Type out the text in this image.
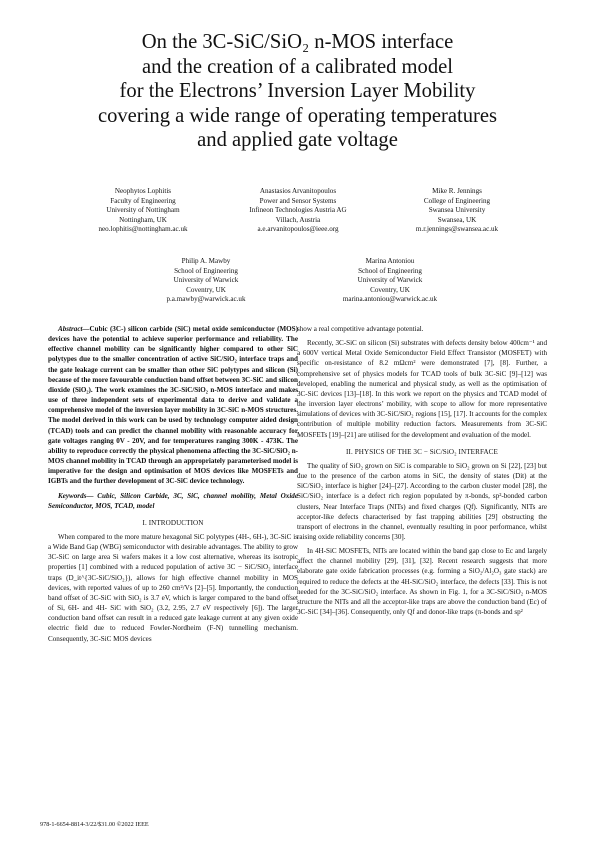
On the 3C-SiC/SiO₂ n-MOS interface
and the creation of a calibrated model
for the Electrons’ Inversion Layer Mobility
covering a wide range of operating temperatures
and applied gate voltage
Neophytos Lophitis
Faculty of Engineering
University of Nottingham
Nottingham, UK
neo.lophitis@nottingham.ac.uk
Anastasios Arvanitopoulos
Power and Sensor Systems
Infineon Technologies Austria AG
Villach, Austria
a.e.arvanitopoulos@ieee.org
Mike R. Jennings
College of Engineering
Swansea University
Swansea, UK
m.r.jennings@swansea.ac.uk
Philip A. Mawby
School of Engineering
University of Warwick
Coventry, UK
p.a.mawby@warwick.ac.uk
Marina Antoniou
School of Engineering
University of Warwick
Coventry, UK
marina.antoniou@warwick.ac.uk

Abstract—Cubic (3C-) silicon carbide (SiC) metal oxide semiconductor (MOS) devices have the potential to achieve superior performance and reliability. The effective channel mobility can be significantly higher compared to other SiC polytypes due to the smaller concentration of active SiC/SiO₂ interface traps and the gate leakage current can be smaller than other SiC polytypes and silicon (Si) because of the more favourable conduction band offset between 3C-SiC and silicon dioxide (SiO₂). The work examines the 3C-SiC/SiO₂ n-MOS interface and makes use of three independent sets of experimental data to derive and validate a comprehensive model of the inversion layer mobility in 3C-SiC n-MOS structures. The model derived in this work can be used by technology computer aided design (TCAD) tools and can predict the channel mobility with reasonable accuracy for gate voltages ranging 0V - 20V, and for temperatures ranging 300K - 473K. The ability to reproduce correctly the physical phenomena affecting the 3C-SiC/SiO₂ n-MOS channel mobility in TCAD through an appropriately parameterised model is imperative for the design and optimisation of MOS devices like MOSFETs and IGBTs and the further development of 3C-SiC device technology.

Keywords— Cubic, Silicon Carbide, 3C, SiC, channel mobility, Metal Oxide Semiconductor, MOS, TCAD, model

I. INTRODUCTION

When compared to the more mature hexagonal SiC polytypes (4H-, 6H-), 3C-SiC is a Wide Band Gap (WBG) semiconductor with desirable advantages. The ability to grow 3C-SiC on large area Si wafers makes it a low cost alternative, whereas its isotropic properties [1] combined with a reduced population of active 3C − SiC/SiO₂ interface traps (D_it^{3C-SiC/SiO₂}), allows for high effective channel mobility in MOS devices, with reported values of up to 260 cm²/Vs [2]–[5]. Importantly, the conduction band offset of 3C-SiC with SiO₂ is 3.7 eV, which is larger compared to the band offset of Si, 6H- and 4H- SiC with SiO₂ (3.2, 2.95, 2.7 eV respectively [6]). The larger conduction band offset can result in a reduced gate leakage current at any given oxide electric field due to reduced Fowler-Nordheim (F-N) tunnelling mechanism. Consequently, 3C-SiC MOS devices

show a real competitive advantage potential.

Recently, 3C-SiC on silicon (Si) substrates with defects density below 400cm⁻¹ and a 600V vertical Metal Oxide Semiconductor Field Effect Transistor (MOSFET) with specific on-resistance of 8.2 mΩcm² were demonstrated [7], [8]. Further, a comprehensive set of physics models for TCAD tools of bulk 3C-SiC [9]–[12] was developed, enabling the numerical and physical study, as well as the optimisation of 3C-SiC devices [13]–[18]. In this work we report on the physics and TCAD model of the inversion layer electrons’ mobility, with scope to allow for more representative simulations of devices with 3C-SiC/SiO₂ regions [15], [17]. It accounts for the complex contribution of multiple mobility reduction factors. Measurements from 3C-SiC MOSFETs [19]–[21] are utilised for the development and evaluation of the model.

II. PHYSICS OF THE 3C − SiC/SiO₂ INTERFACE

The quality of SiO₂ grown on SiC is comparable to SiO₂ grown on Si [22], [23] but due to the presence of the carbon atoms in SiC, the density of states (Dit) at the SiC/SiO₂ interface is higher [24]–[27]. According to the carbon cluster model [28], the SiC/SiO₂ interface is a defect rich region populated by π-bonds, sp²-bonded carbon clusters, Near Interface Traps (NITs) and fixed charges (Qf). Significantly, NITs are acceptor-like defects characterised by fast trapping abilities [29] obstructing the transport of electrons in the channel, eventually resulting in poor performance, whilst raising oxide reliability concerns [30].

In 4H-SiC MOSFETs, NITs are located within the band gap close to Ec and largely affect the channel mobility [29], [31], [32]. Recent research suggests that more elaborate gate oxide fabrication processes (e.g. forming a SiO₂/Al₂O₃ gate stack) are required to reduce the defects at the 4H-SiC/SiO₂ interface, the defects [33]. This is not needed for the 3C-SiC/SiO₂ interface. As shown in Fig. 1, for a 3C-SiC/SiO₂ n-MOS structure the NITs and all the acceptor-like traps are above the conduction band (Ec) of 3C-SiC [34]–[36]. Consequently, only Qf and donor-like traps (π-bonds and sp²

978-1-6654-8814-3/22/$31.00 ©2022 IEEE
